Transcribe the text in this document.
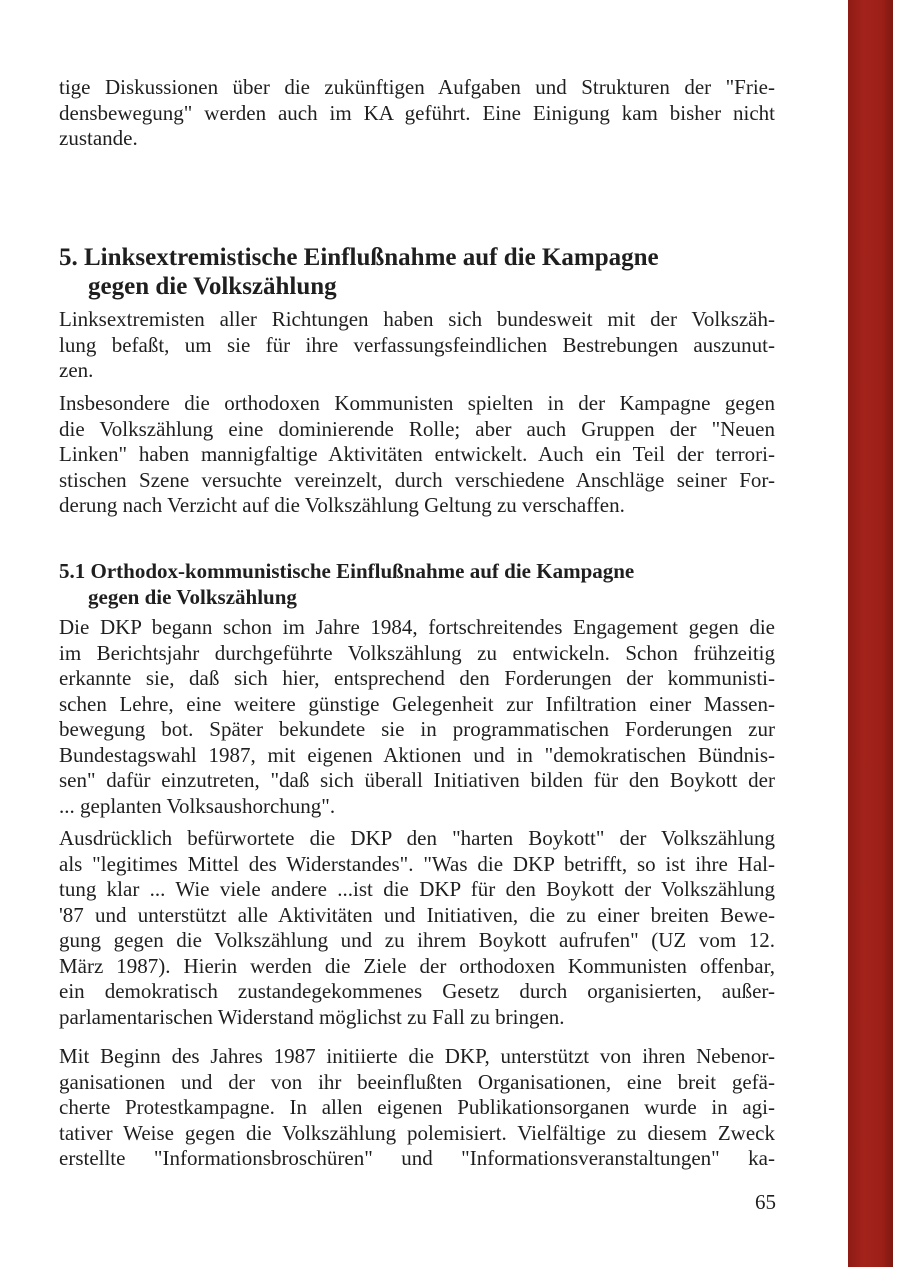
tige Diskussionen über die zukünftigen Aufgaben und Strukturen der "Frie-
densbewegung" werden auch im KA geführt. Eine Einigung kam bisher nicht
zustande.

5. Linksextremistische Einflußnahme auf die Kampagne
gegen die Volkszählung

Linksextremisten aller Richtungen haben sich bundesweit mit der Volkszäh-
lung befaßt, um sie für ihre verfassungsfeindlichen Bestrebungen auszunut-
zen.

Insbesondere die orthodoxen Kommunisten spielten in der Kampagne gegen
die Volkszählung eine dominierende Rolle; aber auch Gruppen der "Neuen
Linken" haben mannigfaltige Aktivitäten entwickelt. Auch ein Teil der terrori-
stischen Szene versuchte vereinzelt, durch verschiedene Anschläge seiner For-
derung nach Verzicht auf die Volkszählung Geltung zu verschaffen.

5.1 Orthodox-kommunistische Einflußnahme auf die Kampagne
gegen die Volkszählung

Die DKP begann schon im Jahre 1984, fortschreitendes Engagement gegen die
im Berichtsjahr durchgeführte Volkszählung zu entwickeln. Schon frühzeitig
erkannte sie, daß sich hier, entsprechend den Forderungen der kommunisti-
schen Lehre, eine weitere günstige Gelegenheit zur Infiltration einer Massen-
bewegung bot. Später bekundete sie in programmatischen Forderungen zur
Bundestagswahl 1987, mit eigenen Aktionen und in "demokratischen Bündnis-
sen" dafür einzutreten, "daß sich überall Initiativen bilden für den Boykott der
... geplanten Volksaushorchung".

Ausdrücklich befürwortete die DKP den "harten Boykott" der Volkszählung
als "legitimes Mittel des Widerstandes". "Was die DKP betrifft, so ist ihre Hal-
tung klar ... Wie viele andere ...ist die DKP für den Boykott der Volkszählung
'87 und unterstützt alle Aktivitäten und Initiativen, die zu einer breiten Bewe-
gung gegen die Volkszählung und zu ihrem Boykott aufrufen" (UZ vom 12.
März 1987). Hierin werden die Ziele der orthodoxen Kommunisten offenbar,
ein demokratisch zustandegekommenes Gesetz durch organisierten, außer-
parlamentarischen Widerstand möglichst zu Fall zu bringen.

Mit Beginn des Jahres 1987 initiierte die DKP, unterstützt von ihren Nebenor-
ganisationen und der von ihr beeinflußten Organisationen, eine breit gefä-
cherte Protestkampagne. In allen eigenen Publikationsorganen wurde in agi-
tativer Weise gegen die Volkszählung polemisiert. Vielfältige zu diesem Zweck
erstellte "Informationsbroschüren" und "Informationsveranstaltungen" ka-

65
